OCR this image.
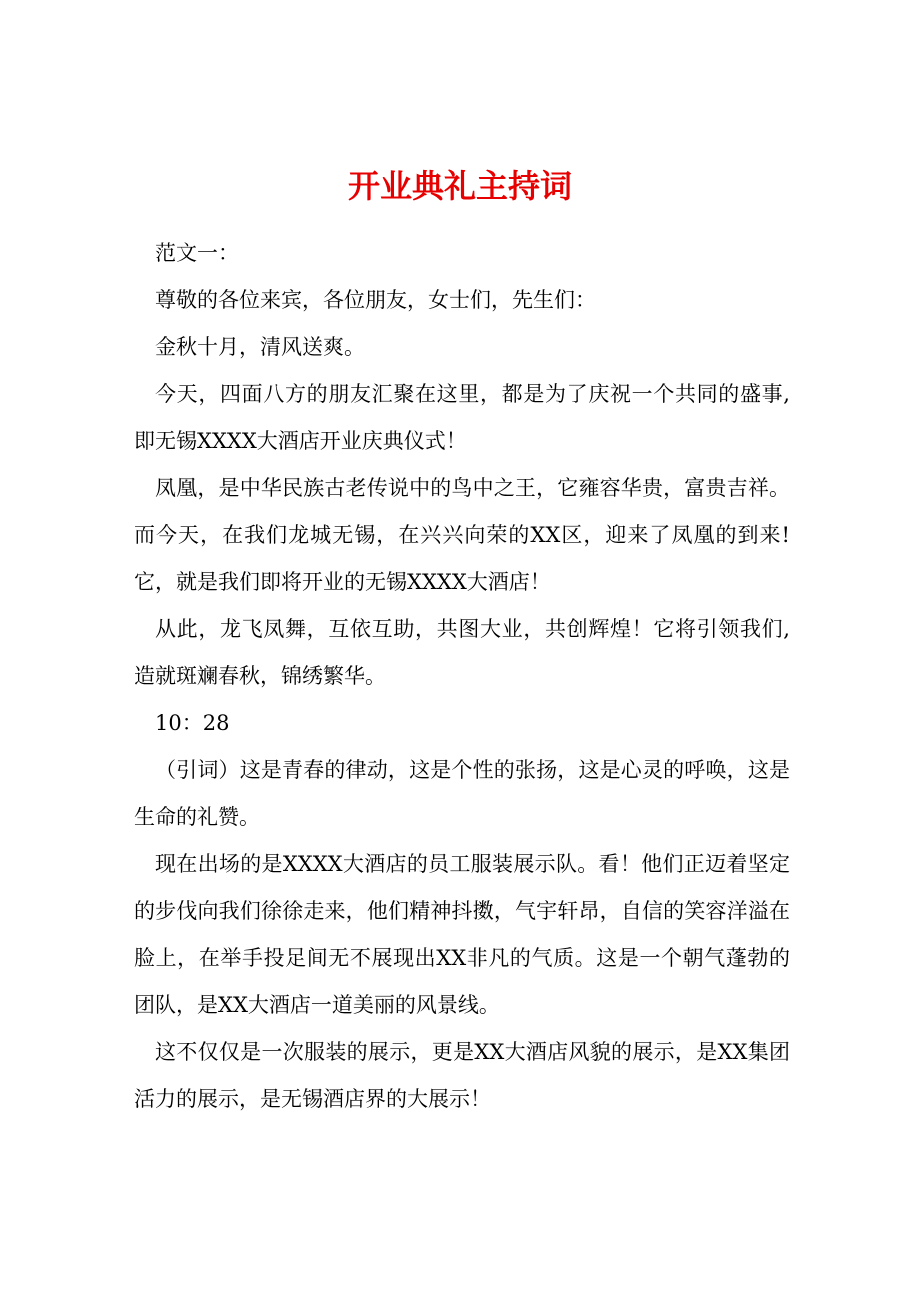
开业典礼主持词

范文一：

尊敬的各位来宾，各位朋友，女士们，先生们：

金秋十月，清风送爽。

今天，四面八方的朋友汇聚在这里，都是为了庆祝一个共同的盛事,即无锡XXXX大酒店开业庆典仪式！

凤凰，是中华民族古老传说中的鸟中之王，它雍容华贵，富贵吉祥。而今天，在我们龙城无锡，在兴兴向荣的XX区，迎来了凤凰的到来!它，就是我们即将开业的无锡XXXX大酒店！

从此，龙飞凤舞，互依互助，共图大业，共创辉煌！它将引领我们,造就斑斓春秋，锦绣繁华。

10：28

（引词）这是青春的律动，这是个性的张扬，这是心灵的呼唤，这是生命的礼赞。

现在出场的是XXXX大酒店的员工服装展示队。看！他们正迈着坚定的步伐向我们徐徐走来，他们精神抖擞，气宇轩昂，自信的笑容洋溢在脸上，在举手投足间无不展现出XX非凡的气质。这是一个朝气蓬勃的团队，是XX大酒店一道美丽的风景线。

这不仅仅是一次服装的展示，更是XX大酒店风貌的展示，是XX集团活力的展示，是无锡酒店界的大展示！
